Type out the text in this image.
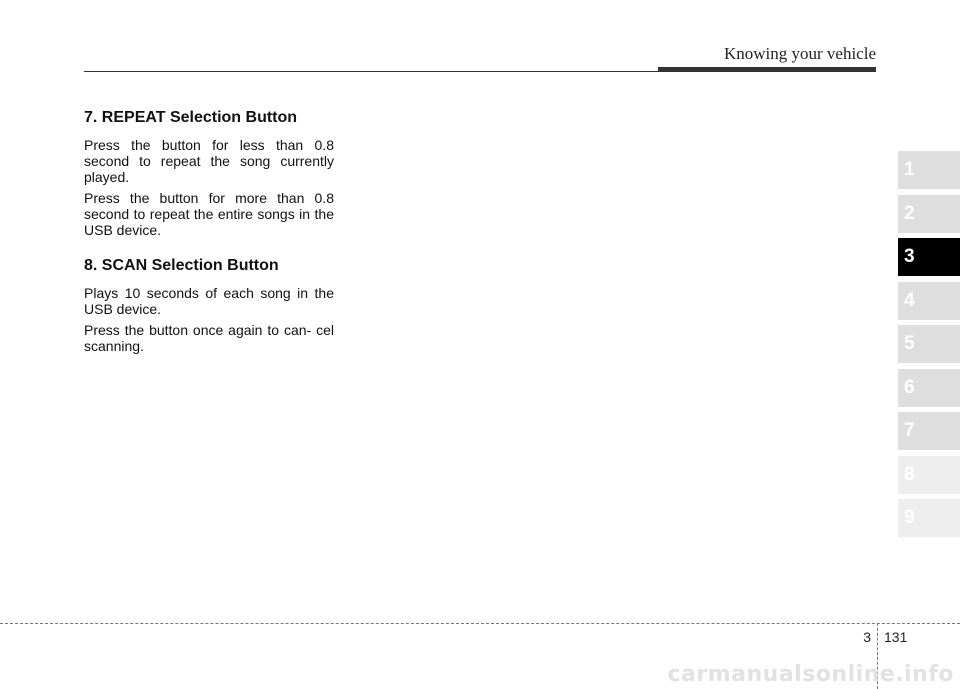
Knowing your vehicle
7. REPEAT Selection Button

Press the button for less than 0.8 second to repeat the song currently played.

Press the button for more than 0.8 second to repeat the entire songs in the USB device.

8. SCAN Selection Button

Plays 10 seconds of each song in the USB device.

Press the button once again to can- cel scanning.

1
2
3
4
5
6
7
8
9
3 131
carmanualsonline.info
